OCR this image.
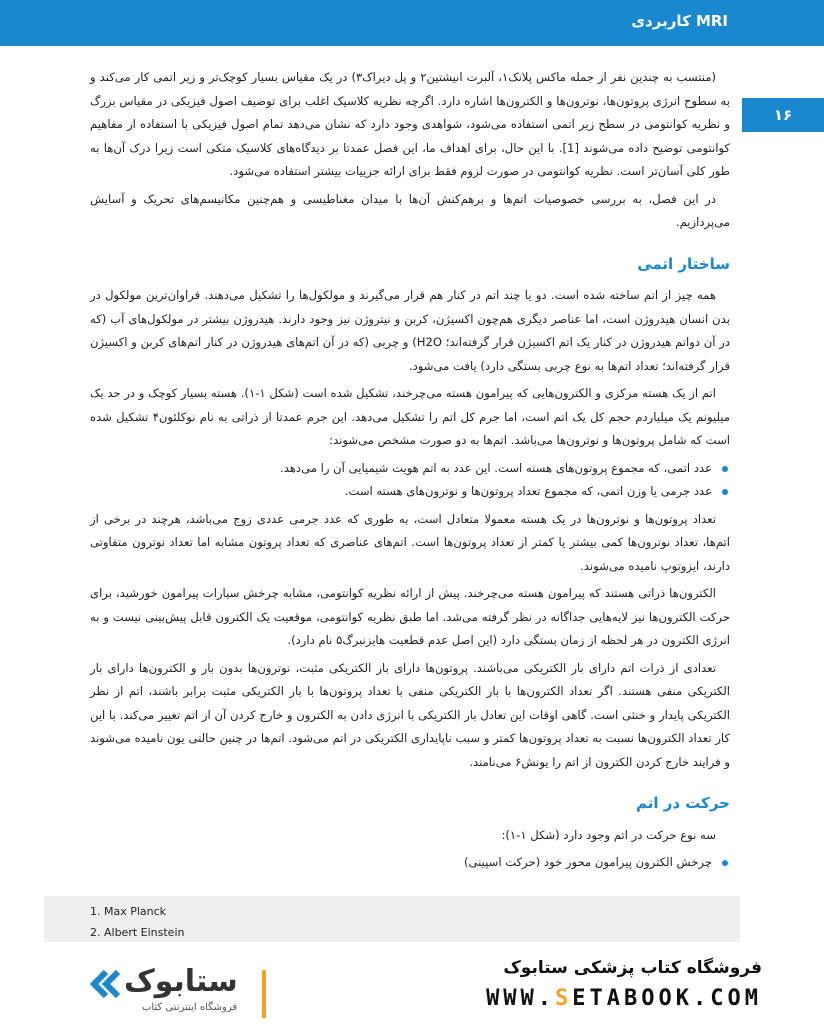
MRI کاربردی
۱۶

(منتسب به چندین نفر از جمله ماکس پلانک۱، آلبرت انیشتین۲ و پل دیراک۳) در یک مقیاس بسیار کوچک‌تر و زیر اتمی کار می‌کند و به سطوح انرژی پروتون‌ها، نوترون‌ها و الکترون‌ها اشاره دارد. اگرچه نظریه کلاسیک اغلب برای توصیف اصول فیزیکی در مقیاس بزرگ و نظریه کوانتومی در سطح زیر اتمی استفاده می‌شود، شواهدی وجود دارد که نشان می‌دهد تمام اصول فیزیکی با استفاده از مفاهیم کوانتومی توضیح داده می‌شوند [1]. با این حال، برای اهداف ما، این فصل عمدتا بر دیدگاه‌های کلاسیک متکی است زیرا درک آن‌ها به طور کلی آسان‌تر است. نظریه کوانتومی در صورت لزوم فقط برای ارائه جزییات بیشتر استفاده می‌شود.

در این فصل، به بررسی خصوصیات اتم‌ها و برهم‌کنش آن‌ها با میدان مغناطیسی و هم‌چنین مکانیسم‌های تحریک و آسایش می‌پردازیم.

ساختار اتمی

همه چیز از اتم ساخته شده است. دو یا چند اتم در کنار هم قرار می‌گیرند و مولکول‌ها را تشکیل می‌دهند. فراوان‌ترین مولکول در بدن انسان هیدروژن است، اما عناصر دیگری هم‌چون اکسیژن، کربن و نیتروژن نیز وجود دارند. هیدروژن بیشتر در مولکول‌های آب (که در آن دواتم هیدروژن در کنار یک اتم اکسیژن قرار گرفته‌اند؛ H2O) و چربی (که در آن اتم‌های هیدروژن در کنار اتم‌های کربن و اکسیژن قرار گرفته‌اند؛ تعداد اتم‌ها به نوع چربی بستگی دارد) یافت می‌شود.

اتم از یک هسته مرکزی و الکترون‌هایی که پیرامون هسته می‌چرخند، تشکیل شده است (شکل ۱-۱). هسته بسیار کوچک و در حد یک میلیونم یک میلیاردم حجم کل یک اتم است، اما جرم کل اتم را تشکیل می‌دهد. این جرم عمدتا از ذراتی به نام نوکلئون۴ تشکیل شده است که شامل پروتون‌ها و نوترون‌ها می‌باشد. اتم‌ها به دو صورت مشخص می‌شوند:

عدد اتمی، که مجموع پروتون‌های هسته است. این عدد به اتم هویت شیمیایی آن را می‌دهد.
عدد جرمی یا وزن اتمی، که مجموع تعداد پروتون‌ها و نوترون‌های هسته است.

تعداد پروتون‌ها و نوترون‌ها در یک هسته معمولا متعادل است، به طوری که عدد جرمی عددی زوج می‌باشد، هرچند در برخی از اتم‌ها، تعداد نوترون‌ها کمی بیشتر یا کمتر از تعداد پروتون‌ها است. اتم‌های عناصری که تعداد پروتون مشابه اما تعداد نوترون متفاوتی دارند، ایزوتوپ نامیده می‌شوند.

الکترون‌ها ذراتی هستند که پیرامون هسته می‌چرخند. پیش از ارائه نظریه کوانتومی، مشابه چرخش سیارات پیرامون خورشید، برای حرکت الکترون‌ها نیز لایه‌هایی جداگانه در نظر گرفته می‌شد. اما طبق نظریه کوانتومی، موقعیت یک الکترون قابل پیش‌بینی نیست و به انرژی الکترون در هر لحظه از زمان بستگی دارد (این اصل عدم قطعیت هایزنبرگ۵ نام دارد).

تعدادی از ذرات اتم دارای بار الکتریکی می‌باشند. پروتون‌ها دارای بار الکتریکی مثبت، نوترون‌ها بدون بار و الکترون‌ها دارای بار الکتریکی منفی هستند. اگر تعداد الکترون‌ها با بار الکتریکی منفی با تعداد پروتون‌ها با بار الکتریکی مثبت برابر باشند، اتم از نظر الکتریکی پایدار و خنثی است. گاهی اوقات این تعادل بار الکتریکی با انرژی دادن به الکترون و خارج کردن آن از اتم تغییر می‌کند. با این کار تعداد الکترون‌ها نسبت به تعداد پروتون‌ها کمتر و سبب ناپایداری الکتریکی در اتم می‌شود. اتم‌ها در چنین حالتی یون نامیده می‌شوند و فرایند خارج کردن الکترون از اتم را یونش۶ می‌نامند.

حرکت در اتم

سه نوع حرکت در اتم وجود دارد (شکل ۱-۱):

چرخش الکترون پیرامون محور خود (حرکت اسپینی)
1. Max Planck
2. Albert Einstein
ستابوک
فروشگاه اینترنتی کتاب
فروشگاه کتاب پزشکی ستابوک
WWW.SETABOOK.COM
